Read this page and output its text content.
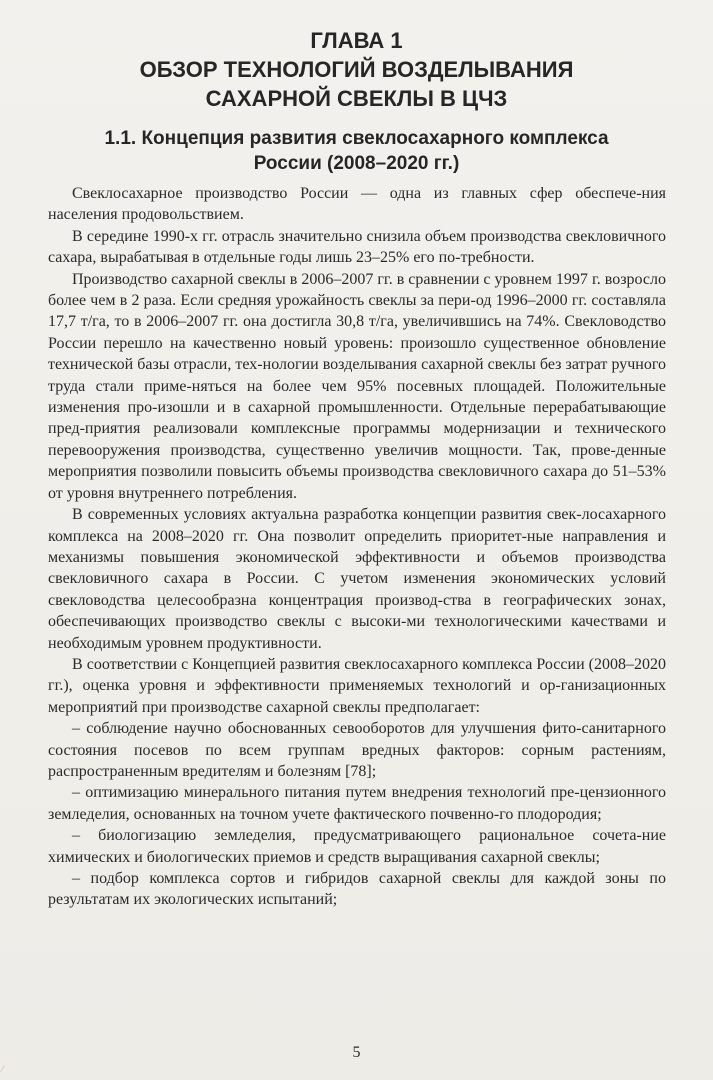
ГЛАВА 1
ОБЗОР ТЕХНОЛОГИЙ ВОЗДЕЛЫВАНИЯ
САХАРНОЙ СВЕКЛЫ В ЦЧЗ
1.1. Концепция развития свеклосахарного комплекса
России (2008–2020 гг.)

Свеклосахарное производство России — одна из главных сфер обеспече-ния населения продовольствием.

В середине 1990-х гг. отрасль значительно снизила объем производства свекловичного сахара, вырабатывая в отдельные годы лишь 23–25% его по-требности.

Производство сахарной свеклы в 2006–2007 гг. в сравнении с уровнем 1997 г. возросло более чем в 2 раза. Если средняя урожайность свеклы за пери-од 1996–2000 гг. составляла 17,7 т/га, то в 2006–2007 гг. она достигла 30,8 т/га, увеличившись на 74%. Свекловодство России перешло на качественно новый уровень: произошло существенное обновление технической базы отрасли, тех-нологии возделывания сахарной свеклы без затрат ручного труда стали приме-няться на более чем 95% посевных площадей. Положительные изменения про-изошли и в сахарной промышленности. Отдельные перерабатывающие пред-приятия реализовали комплексные программы модернизации и технического перевооружения производства, существенно увеличив мощности. Так, прове-денные мероприятия позволили повысить объемы производства свекловичного сахара до 51–53% от уровня внутреннего потребления.

В современных условиях актуальна разработка концепции развития свек-лосахарного комплекса на 2008–2020 гг. Она позволит определить приоритет-ные направления и механизмы повышения экономической эффективности и объемов производства свекловичного сахара в России. С учетом изменения экономических условий свекловодства целесообразна концентрация производ-ства в географических зонах, обеспечивающих производство свеклы с высоки-ми технологическими качествами и необходимым уровнем продуктивности.

В соответствии с Концепцией развития свеклосахарного комплекса России (2008–2020 гг.), оценка уровня и эффективности применяемых технологий и ор-ганизационных мероприятий при производстве сахарной свеклы предполагает:

– соблюдение научно обоснованных севооборотов для улучшения фито-санитарного состояния посевов по всем группам вредных факторов: сорным растениям, распространенным вредителям и болезням [78];

– оптимизацию минерального питания путем внедрения технологий пре-цензионного земледелия, основанных на точном учете фактического почвенно-го плодородия;

– биологизацию земледелия, предусматривающего рациональное сочета-ние химических и биологических приемов и средств выращивания сахарной свеклы;

– подбор комплекса сортов и гибридов сахарной свеклы для каждой зоны по результатам их экологических испытаний;

5
⁄
